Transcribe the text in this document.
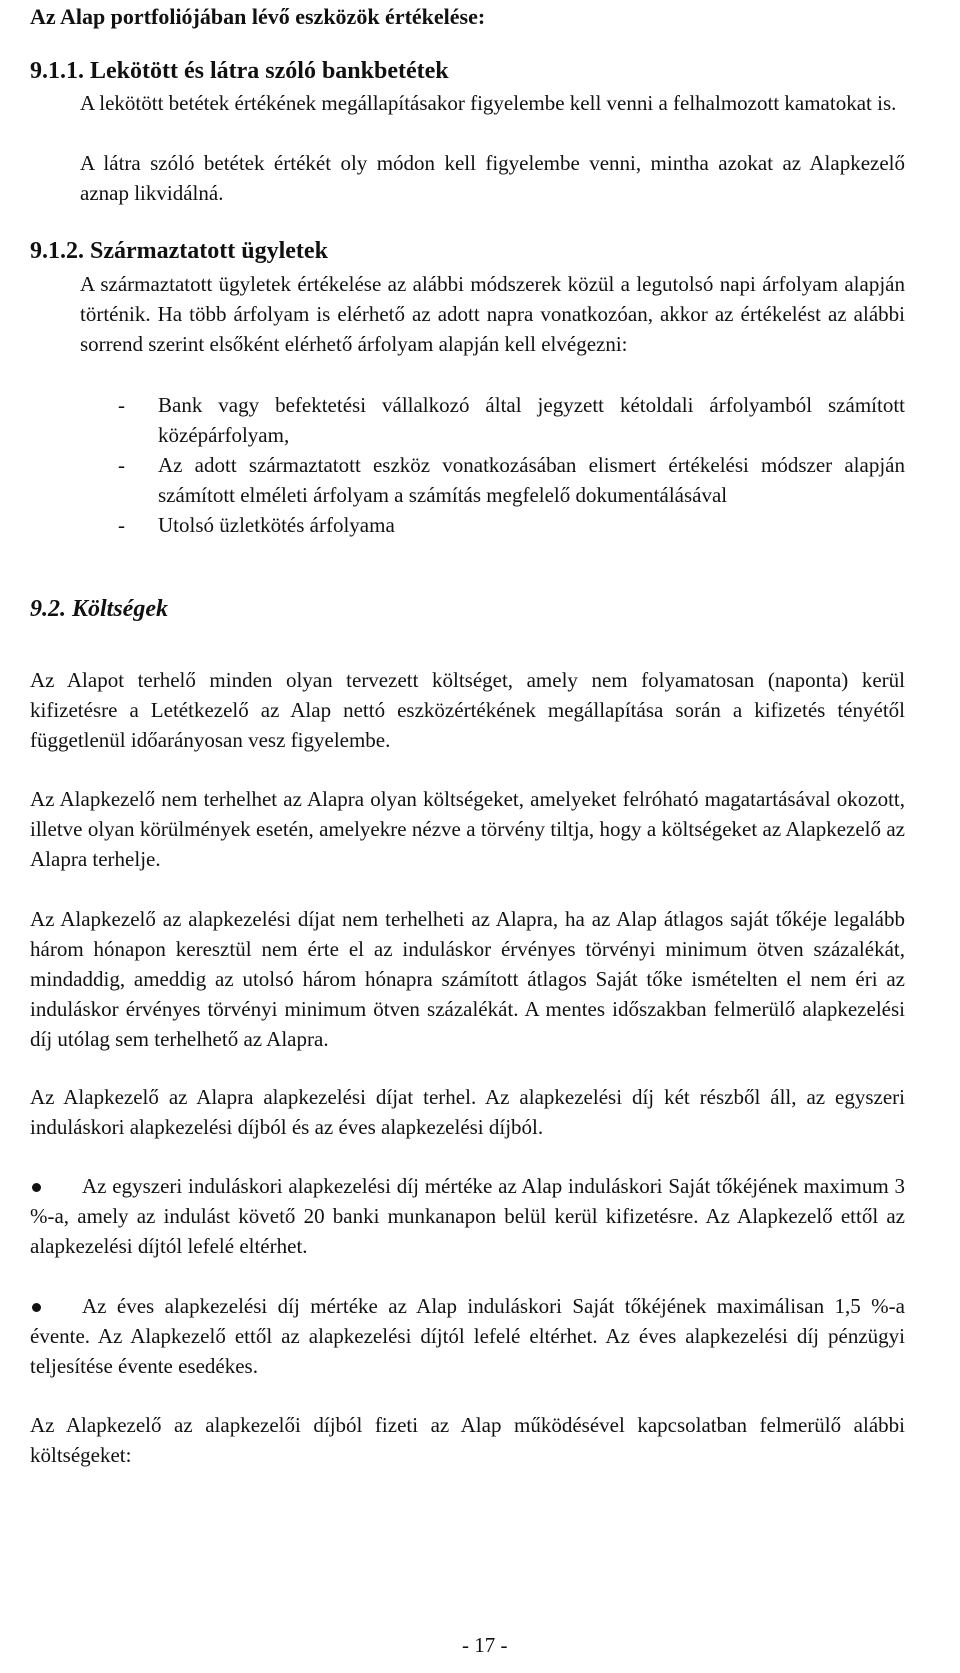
Az Alap portfoliójában lévő eszközök értékelése:
9.1.1. Lekötött és látra szóló bankbetétek
A lekötött betétek értékének megállapításakor figyelembe kell venni a felhalmozott kamatokat is.
A látra szóló betétek értékét oly módon kell figyelembe venni, mintha azokat az Alapkezelő aznap likvidálná.
9.1.2. Származtatott ügyletek
A származtatott ügyletek értékelése az alábbi módszerek közül a legutolsó napi árfolyam alapján történik. Ha több árfolyam is elérhető az adott napra vonatkozóan, akkor az értékelést az alábbi sorrend szerint elsőként elérhető árfolyam alapján kell elvégezni:
- Bank vagy befektetési vállalkozó által jegyzett kétoldali árfolyamból számított középárfolyam,
- Az adott származtatott eszköz vonatkozásában elismert értékelési módszer alapján számított elméleti árfolyam a számítás megfelelő dokumentálásával
- Utolsó üzletkötés árfolyama
9.2. Költségek
Az Alapot terhelő minden olyan tervezett költséget, amely nem folyamatosan (naponta) kerül kifizetésre a Letétkezelő az Alap nettó eszközértékének megállapítása során a kifizetés tényétől függetlenül időarányosan vesz figyelembe.
Az Alapkezelő nem terhelhet az Alapra olyan költségeket, amelyeket felróható magatartásával okozott, illetve olyan körülmények esetén, amelyekre nézve a törvény tiltja, hogy a költségeket az Alapkezelő az Alapra terhelje.
Az Alapkezelő az alapkezelési díjat nem terhelheti az Alapra, ha az Alap átlagos saját tőkéje legalább három hónapon keresztül nem érte el az induláskor érvényes törvényi minimum ötven százalékát, mindaddig, ameddig az utolsó három hónapra számított átlagos Saját tőke ismételten el nem éri az induláskor érvényes törvényi minimum ötven százalékát. A mentes időszakban felmerülő alapkezelési díj utólag sem terhelhető az Alapra.
Az Alapkezelő az Alapra alapkezelési díjat terhel. Az alapkezelési díj két részből áll, az egyszeri induláskori alapkezelési díjból és az éves alapkezelési díjból.
Az egyszeri induláskori alapkezelési díj mértéke az Alap induláskori Saját tőkéjének maximum 3 %-a, amely az indulást követő 20 banki munkanapon belül kerül kifizetésre. Az Alapkezelő ettől az alapkezelési díjtól lefelé eltérhet.
Az éves alapkezelési díj mértéke az Alap induláskori Saját tőkéjének maximálisan 1,5 %-a évente. Az Alapkezelő ettől az alapkezelési díjtól lefelé eltérhet. Az éves alapkezelési díj pénzügyi teljesítése évente esedékes.
Az Alapkezelő az alapkezelői díjból fizeti az Alap működésével kapcsolatban felmerülő alábbi költségeket:
- 17 -
